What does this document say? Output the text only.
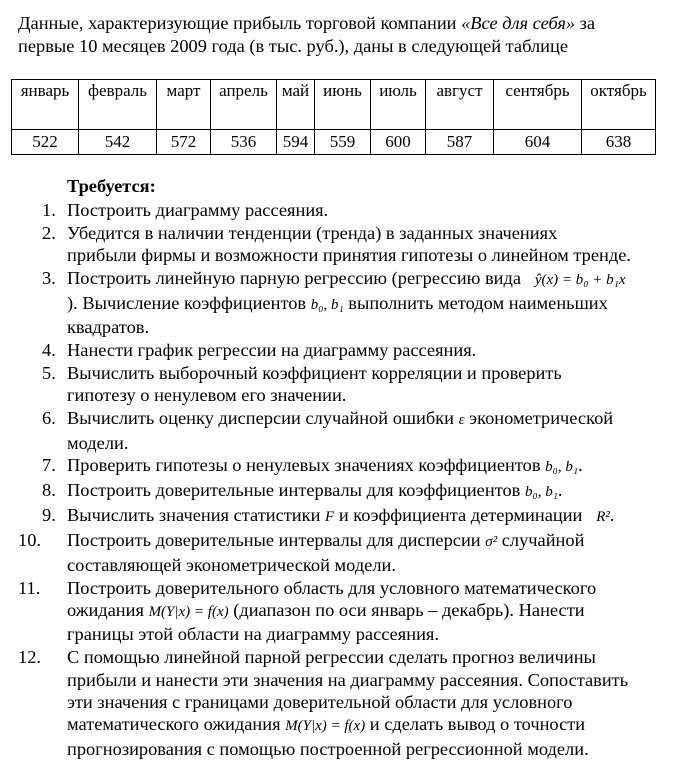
Данные, характеризующие прибыль торговой компании «Все для себя» за
первые 10 месяцев 2009 года (в тыс. руб.), даны в следующей таблице
январь	февраль	март	апрель	май	июнь	июль	август	сентябрь	октябрь
522	542	572	536	594	559	600	587	604	638
Требуется:
1. Построить диаграмму рассеяния.
2. Убедится в наличии тенденции (тренда) в заданных значениях
прибыли фирмы и возможности принятия гипотезы о линейном тренде.
3. Построить линейную парную регрессию (регрессию вида ŷ(x) = b₀ + b₁x
). Вычисление коэффициентов b₀, b₁ выполнить методом наименьших
квадратов.
4. Нанести график регрессии на диаграмму рассеяния.
5. Вычислить выборочный коэффициент корреляции и проверить
гипотезу о ненулевом его значении.
6. Вычислить оценку дисперсии случайной ошибки ε эконометрической
модели.
7. Проверить гипотезы о ненулевых значениях коэффициентов b₀, b₁.
8. Построить доверительные интервалы для коэффициентов b₀, b₁.
9. Вычислить значения статистики F и коэффициента детерминации R².
10. Построить доверительные интервалы для дисперсии σ² случайной
составляющей эконометрической модели.
11. Построить доверительного область для условного математического
ожидания M(Y|x) = f(x) (диапазон по оси январь – декабрь). Нанести
границы этой области на диаграмму рассеяния.
12. С помощью линейной парной регрессии сделать прогноз величины
прибыли и нанести эти значения на диаграмму рассеяния. Сопоставить
эти значения с границами доверительной области для условного
математического ожидания M(Y|x) = f(x) и сделать вывод о точности
прогнозирования с помощью построенной регрессионной модели.
